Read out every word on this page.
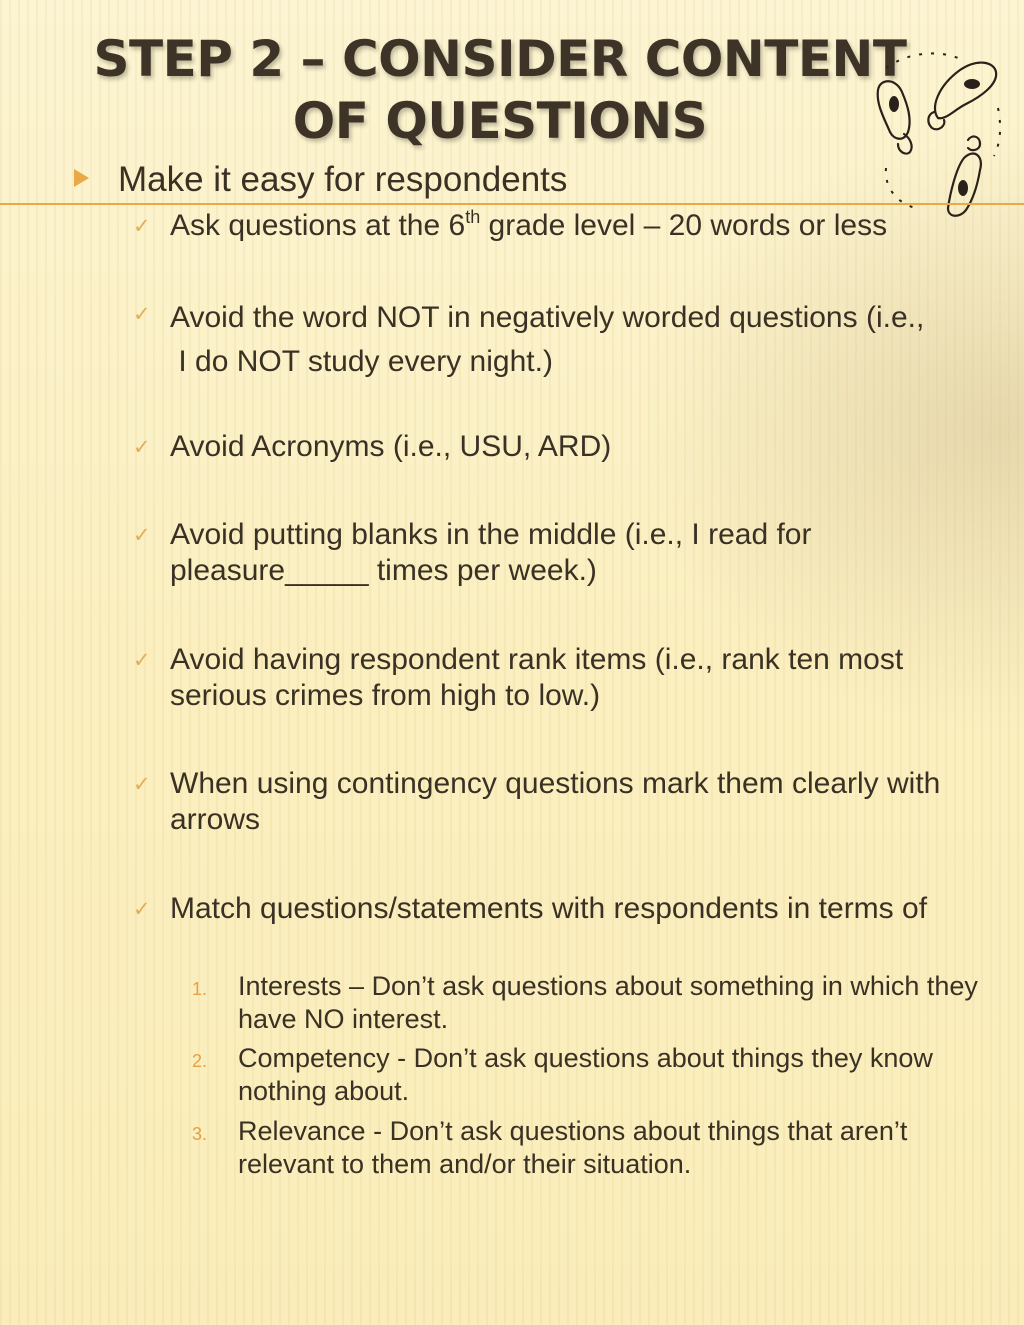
STEP 2 – CONSIDER CONTENT
OF QUESTIONS
Make it easy for respondents
✓ Ask questions at the 6th grade level – 20 words or less

✓ Avoid the word NOT in negatively worded questions (i.e.,

I do NOT study every night.)

✓ Avoid Acronyms (i.e., USU, ARD)

✓ Avoid putting blanks in the middle (i.e., I read for pleasure_____ times per week.)

✓ Avoid having respondent rank items (i.e., rank ten most serious crimes from high to low.)

✓ When using contingency questions mark them clearly with arrows

✓ Match questions/statements with respondents in terms of

1. Interests – Don’t ask questions about something in which they have NO interest.
2. Competency - Don’t ask questions about things they know nothing about.
3. Relevance - Don’t ask questions about things that aren’t relevant to them and/or their situation.
